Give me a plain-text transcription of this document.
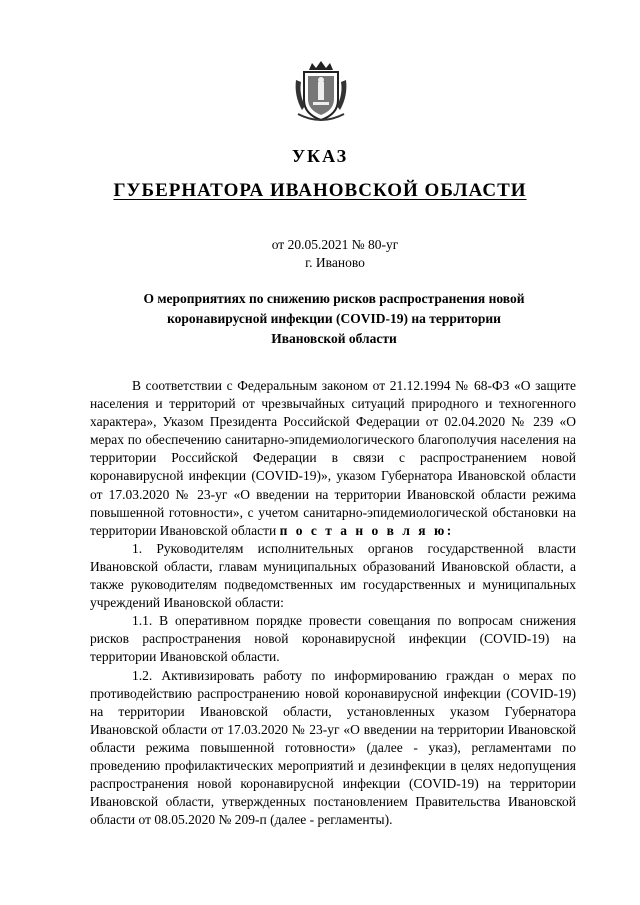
УКАЗ
ГУБЕРНАТОРА ИВАНОВСКОЙ ОБЛАСТИ
от 20.05.2021 № 80-уг
г. Иваново
О мероприятиях по снижению рисков распространения новой
коронавирусной инфекции (COVID-19) на территории
Ивановской области

В соответствии с Федеральным законом от 21.12.1994 № 68-ФЗ «О защите населения и территорий от чрезвычайных ситуаций природного и техногенного характера», Указом Президента Российской Федерации от 02.04.2020 № 239 «О мерах по обеспечению санитарно-эпидемиологического благополучия населения на территории Российской Федерации в связи с распространением новой коронавирусной инфекции (COVID-19)», указом Губернатора Ивановской области от 17.03.2020 № 23-уг «О введении на территории Ивановской области режима повышенной готовности», с учетом санитарно-эпидемиологической обстановки на территории Ивановской области п о с т а н о в л я ю:

1. Руководителям исполнительных органов государственной власти Ивановской области, главам муниципальных образований Ивановской области, а также руководителям подведомственных им государственных и муниципальных учреждений Ивановской области:

1.1. В оперативном порядке провести совещания по вопросам снижения рисков распространения новой коронавирусной инфекции (COVID-19) на территории Ивановской области.

1.2. Активизировать работу по информированию граждан о мерах по противодействию распространению новой коронавирусной инфекции (COVID-19) на территории Ивановской области, установленных указом Губернатора Ивановской области от 17.03.2020 № 23-уг «О введении на территории Ивановской области режима повышенной готовности» (далее - указ), регламентами по проведению профилактических мероприятий и дезинфекции в целях недопущения распространения новой коронавирусной инфекции (COVID-19) на территории Ивановской области, утвержденных постановлением Правительства Ивановской области от 08.05.2020 № 209-п (далее - регламенты).
